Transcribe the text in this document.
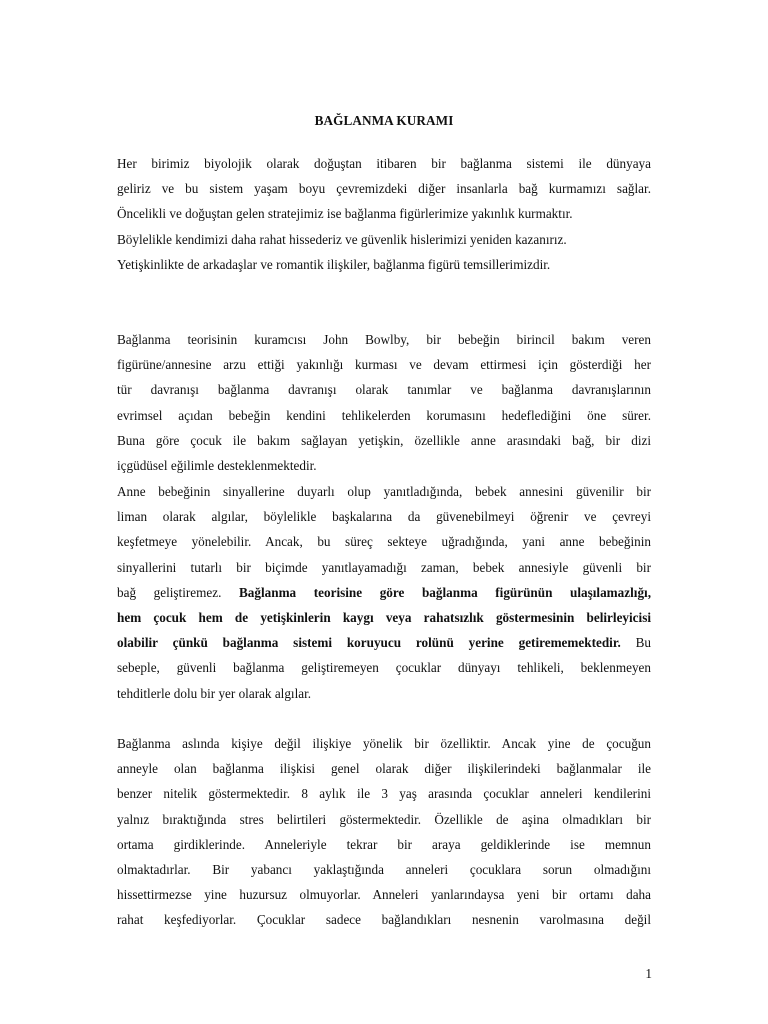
BAĞLANMA KURAMI
Her birimiz biyolojik olarak doğuştan itibaren bir bağlanma sistemi ile dünyaya
geliriz ve bu sistem yaşam boyu çevremizdeki diğer insanlarla bağ kurmamızı sağlar.
Öncelikli ve doğuştan gelen stratejimiz ise bağlanma figürlerimize yakınlık kurmaktır.
Böylelikle kendimizi daha rahat hissederiz ve güvenlik hislerimizi yeniden kazanırız.
Yetişkinlikte de arkadaşlar ve romantik ilişkiler, bağlanma figürü temsillerimizdir.
Bağlanma teorisinin kuramcısı John Bowlby, bir bebeğin birincil bakım veren
figürüne/annesine arzu ettiği yakınlığı kurması ve devam ettirmesi için gösterdiği her
tür davranışı bağlanma davranışı olarak tanımlar ve bağlanma davranışlarının
evrimsel açıdan bebeğin kendini tehlikelerden korumasını hedeflediğini öne sürer.
Buna göre çocuk ile bakım sağlayan yetişkin, özellikle anne arasındaki bağ, bir dizi
içgüdüsel eğilimle desteklenmektedir.
Anne bebeğinin sinyallerine duyarlı olup yanıtladığında, bebek annesini güvenilir bir
liman olarak algılar, böylelikle başkalarına da güvenebilmeyi öğrenir ve çevreyi
keşfetmeye yönelebilir. Ancak, bu süreç sekteye uğradığında, yani anne bebeğinin
sinyallerini tutarlı bir biçimde yanıtlayamadığı zaman, bebek annesiyle güvenli bir
bağ geliştiremez. Bağlanma teorisine göre bağlanma figürünün ulaşılamazlığı,
hem çocuk hem de yetişkinlerin kaygı veya rahatsızlık göstermesinin belirleyicisi
olabilir çünkü bağlanma sistemi koruyucu rolünü yerine getirememektedir. Bu
sebeple, güvenli bağlanma geliştiremeyen çocuklar dünyayı tehlikeli, beklenmeyen
tehditlerle dolu bir yer olarak algılar.
Bağlanma aslında kişiye değil ilişkiye yönelik bir özelliktir. Ancak yine de çocuğun
anneyle olan bağlanma ilişkisi genel olarak diğer ilişkilerindeki bağlanmalar ile
benzer nitelik göstermektedir. 8 aylık ile 3 yaş arasında çocuklar anneleri kendilerini
yalnız bıraktığında stres belirtileri göstermektedir. Özellikle de aşina olmadıkları bir
ortama girdiklerinde. Anneleriyle tekrar bir araya geldiklerinde ise memnun
olmaktadırlar. Bir yabancı yaklaştığında anneleri çocuklara sorun olmadığını
hissettirmezse yine huzursuz olmuyorlar. Anneleri yanlarındaysa yeni bir ortamı daha
rahat keşfediyorlar. Çocuklar sadece bağlandıkları nesnenin varolmasına değil
1
